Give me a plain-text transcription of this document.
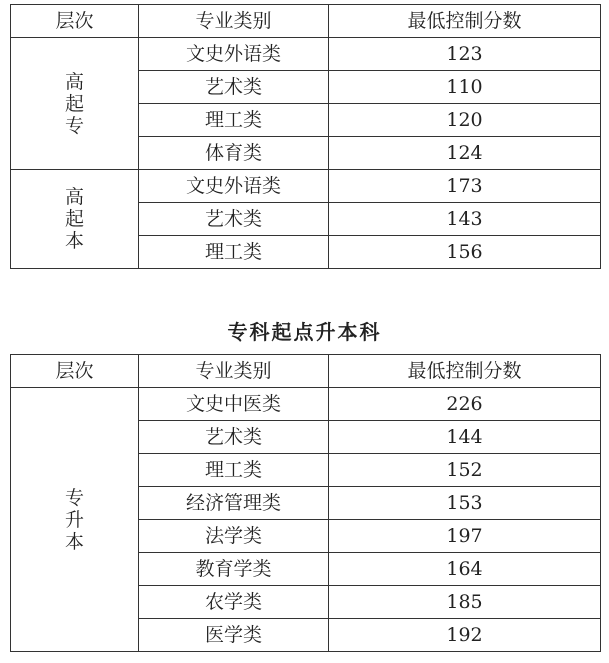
层次	专业类别	最低控制分数

高
起
专	文史外语类	123
	艺术类	110
	理工类	120
	体育类	124

高
起
本	文史外语类	173
	艺术类	143
	理工类	156
专科起点升本科
层次	专业类别	最低控制分数

专
升
本	文史中医类	226
	艺术类	144
	理工类	152
	经济管理类	153
	法学类	197
	教育学类	164
	农学类	185
	医学类	192
